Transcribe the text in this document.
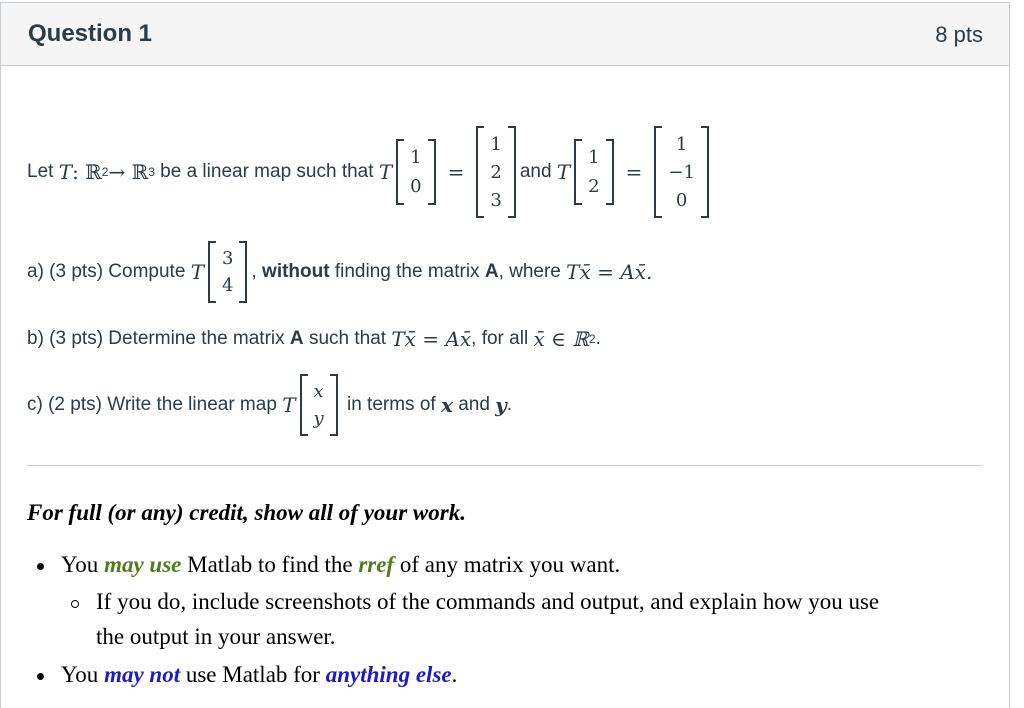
Question 1	8 pts
Let
T : ℝ 2 → ℝ 3
be a linear map such that
T
1
0
=
1
2
3
and
T
1
2
=
1
−1
0
a) (3 pts) Compute
T
3
4
,
without
finding the matrix
A , where
Tx̄ = Ax̄.
b) (3 pts) Determine the matrix
A
such that
Tx̄ = Ax̄ , for all
x̄ ∈ ℝ 2 .
c) (2 pts) Write the linear map
T
x
y

in terms of
x
and
y .
For full (or any) credit, show all of your work.
You may use Matlab to find the rref of any matrix you want.
If you do, include screenshots of the commands and output, and explain how you use
the output in your answer.
You may not use Matlab for anything else.
